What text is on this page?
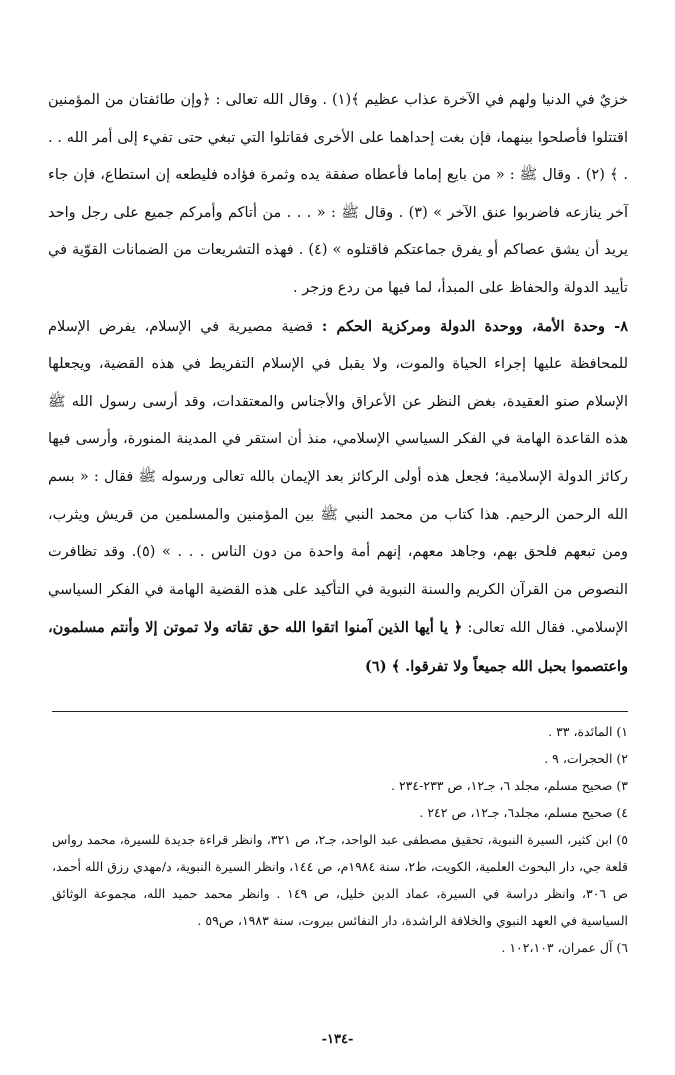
خزيٌ في الدنيا ولهم في الآخرة عذاب عظيم ﴾(١) . وقال الله تعالى : ﴿وإن طائفتان من المؤمنين اقتتلوا فأصلحوا بينهما، فإن بغت إحداهما على الأخرى فقاتلوا التي تبغي حتى تفيء إلى أمر الله . . . ﴾ (٢) . وقال ﷺ : « من بايع إماما فأعطاه صفقة يده وثمرة فؤاده فليطعه إن استطاع، فإن جاء آخر ينازعه فاضربوا عنق الآخر » (٣) . وقال ﷺ : « . . . من أتاكم وأمركم جميع على رجل واحد يريد أن يشق عصاكم أو يفرق جماعتكم فاقتلوه » (٤) . فهذه التشريعات من الضمانات القوّية في تأييد الدولة والحفاظ على المبدأ، لما فيها من ردع وزجر .

٨- وحدة الأمة، ووحدة الدولة ومركزية الحكم : قضية مصيرية في الإسلام، يفرض الإسلام للمحافظة عليها إجراء الحياة والموت، ولا يقبل في الإسلام التفريط في هذه القضية، ويجعلها الإسلام صنو العقيدة، بغض النظر عن الأعراق والأجناس والمعتقدات، وقد أرسى رسول الله ﷺ هذه القاعدة الهامة في الفكر السياسي الإسلامي، منذ أن استقر في المدينة المنورة، وأرسى فيها ركائز الدولة الإسلامية؛ فجعل هذه أولى الركائز بعد الإيمان بالله تعالى ورسوله ﷺ فقال : « بسم الله الرحمن الرحيم. هذا كتاب من محمد النبي ﷺ بين المؤمنين والمسلمين من قريش ويثرب، ومن تبعهم فلحق بهم، وجاهد معهم، إنهم أمة واحدة من دون الناس . . . » (٥). وقد تظافرت النصوص من القرآن الكريم والسنة النبوية في التأكيد على هذه القضية الهامة في الفكر السياسي الإسلامي. فقال الله تعالى: ﴿ يا أيها الذين آمنوا اتقوا الله حق تقاته ولا تموتن إلا وأنتم مسلمون، واعتصموا بحبل الله جميعاً ولا تفرقوا. ﴾ (٦)

١) المائدة، ٣٣ .

٢) الحجرات، ٩ .

٣) صحيح مسلم، مجلد ٦، جـ١٢، ص ٢٣٣-٢٣٤ .

٤) صحيح مسلم، مجلد٦، جـ١٢، ص ٢٤٢ .

٥) ابن كثير، السيرة النبوية، تحقيق مصطفى عبد الواحد، جـ٢، ص ٣٢١، وانظر قراءة جديدة للسيرة، محمد رواس قلعة جي، دار البحوث العلمية، الكويت، ط٢، سنة ١٩٨٤م، ص ١٤٤، وانظر السيرة النبوية، د/مهدي رزق الله أحمد، ص ٣٠٦، وانظر دراسة في السيرة، عماد الدين خليل، ص ١٤٩ . وانظر محمد حميد الله، مجموعة الوثائق السياسية في العهد النبوي والخلافة الراشدة، دار النفائس بيروت، سنة ١٩٨٣، ص٥٩ .

٦) آل عمران، ١٠٢،١٠٣ .

-١٣٤-
